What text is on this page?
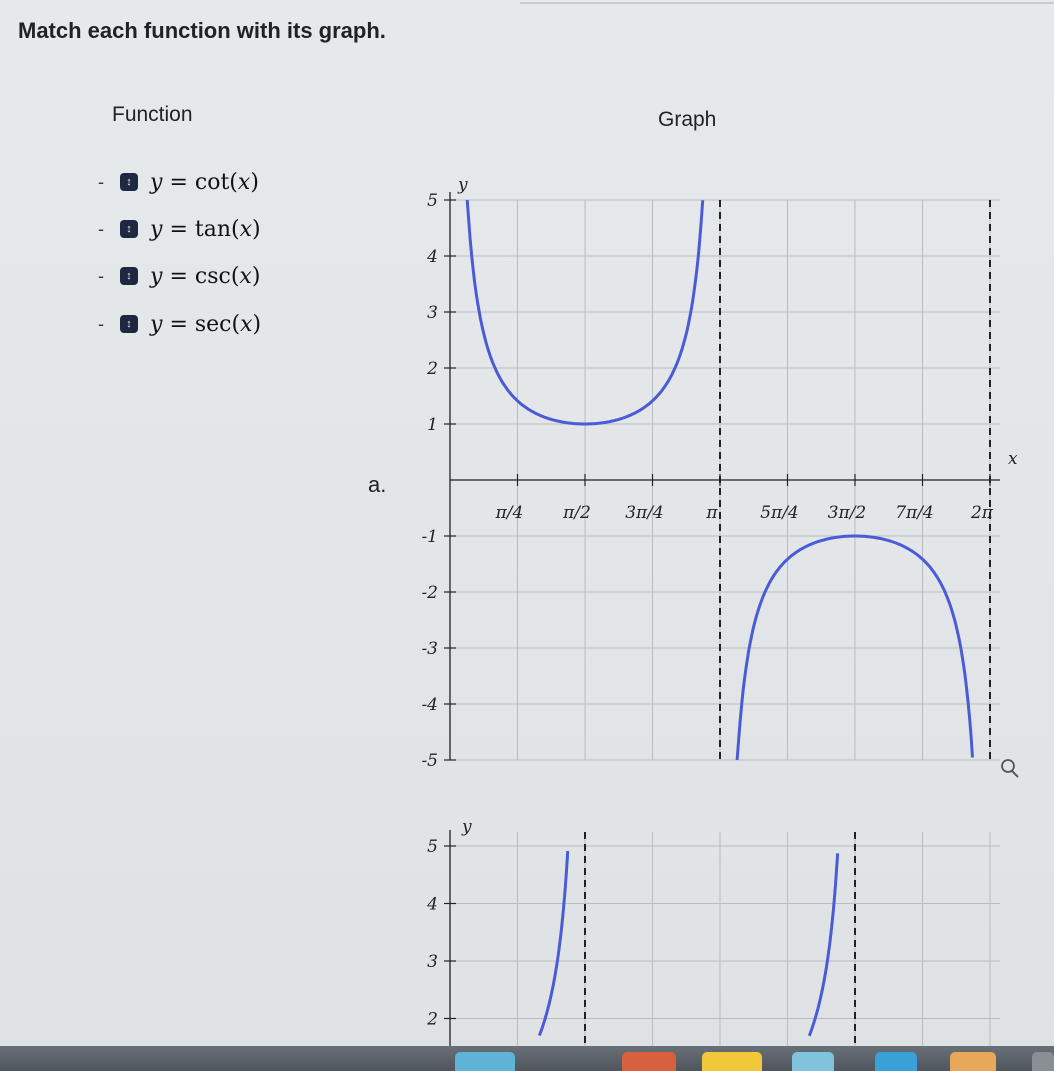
Match each function with its graph.
Function	Graph
-	↕ y = cot(x)
-	↕ y = tan(x)
-	↕ y = csc(x)
-	↕ y = sec(x)
a.
5
4
3
2
1
-1
-2
-3
-4
-5
π/4 π/2 3π/4	π	5π/4 3π/2 7π/4 2π
y
x
5
4
3
2
y
